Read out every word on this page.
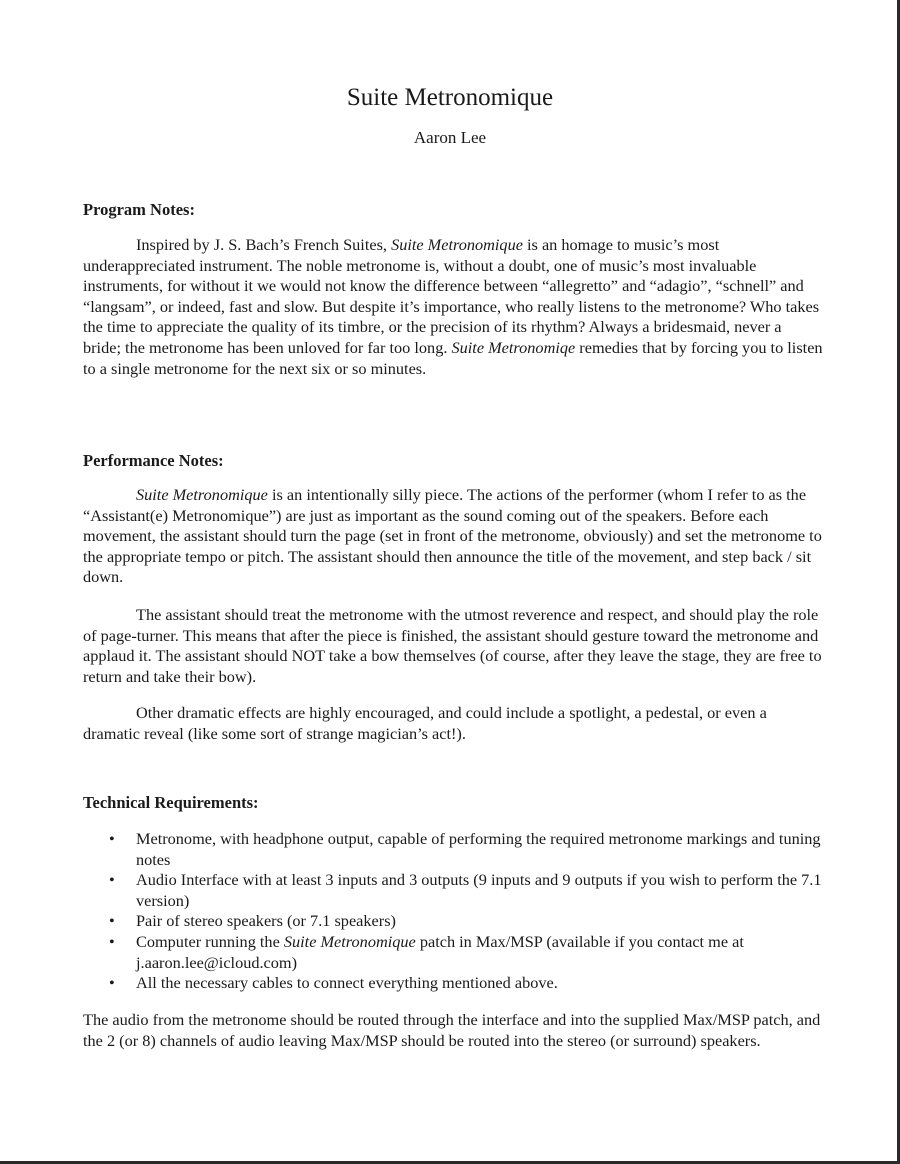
Suite Metronomique
Aaron Lee
Program Notes:

Inspired by J. S. Bach’s French Suites, Suite Metronomique is an homage to music’s most underappreciated instrument. The noble metronome is, without a doubt, one of music’s most invaluable instruments, for without it we would not know the difference between “allegretto” and “adagio”, “schnell” and “langsam”, or indeed, fast and slow. But despite it’s importance, who really listens to the metronome? Who takes the time to appreciate the quality of its timbre, or the precision of its rhythm? Always a bridesmaid, never a bride; the metronome has been unloved for far too long. Suite Metronomiqe remedies that by forcing you to listen to a single metronome for the next six or so minutes.

Performance Notes:

Suite Metronomique is an intentionally silly piece. The actions of the performer (whom I refer to as the “Assistant(e) Metronomique”) are just as important as the sound coming out of the speakers. Before each movement, the assistant should turn the page (set in front of the metronome, obviously) and set the metronome to the appropriate tempo or pitch. The assistant should then announce the title of the movement, and step back / sit down.

The assistant should treat the metronome with the utmost reverence and respect, and should play the role of page-turner. This means that after the piece is finished, the assistant should gesture toward the metronome and applaud it. The assistant should NOT take a bow themselves (of course, after they leave the stage, they are free to return and take their bow).

Other dramatic effects are highly encouraged, and could include a spotlight, a pedestal, or even a dramatic reveal (like some sort of strange magician’s act!).

Technical Requirements:
• Metronome, with headphone output, capable of performing the required metronome markings and tuning notes
• Audio Interface with at least 3 inputs and 3 outputs (9 inputs and 9 outputs if you wish to perform the 7.1 version)
• Pair of stereo speakers (or 7.1 speakers)
• Computer running the Suite Metronomique patch in Max/MSP (available if you contact me at j.aaron.lee@icloud.com)
• All the necessary cables to connect everything mentioned above.

The audio from the metronome should be routed through the interface and into the supplied Max/MSP patch, and the 2 (or 8) channels of audio leaving Max/MSP should be routed into the stereo (or surround) speakers.
